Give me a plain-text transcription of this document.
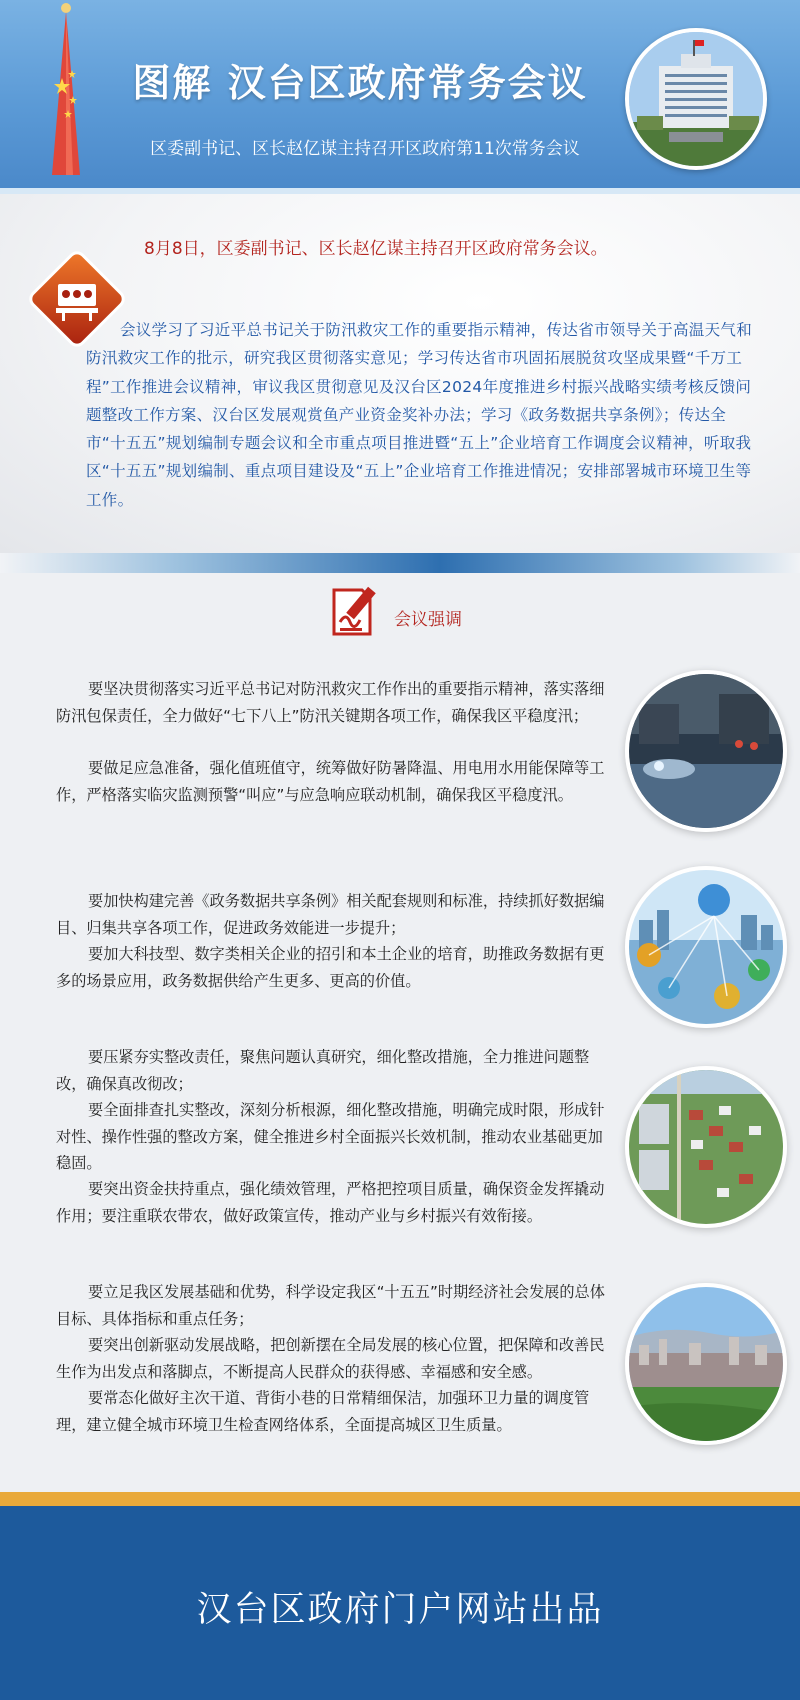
图解 汉台区政府常务会议
区委副书记、区长赵亿谋主持召开区政府第11次常务会议
8月8日，区委副书记、区长赵亿谋主持召开区政府常务会议。
会议学习了习近平总书记关于防汛救灾工作的重要指示精神，传达省市领导关于高温天气和防汛救灾工作的批示，研究我区贯彻落实意见；学习传达省市巩固拓展脱贫攻坚成果暨“千万工程”工作推进会议精神，审议我区贯彻意见及汉台区2024年度推进乡村振兴战略实绩考核反馈问题整改工作方案、汉台区发展观赏鱼产业资金奖补办法；学习《政务数据共享条例》；传达全市“十五五”规划编制专题会议和全市重点项目推进暨“五上”企业培育工作调度会议精神，听取我区“十五五”规划编制、重点项目建设及“五上”企业培育工作推进情况；安排部署城市环境卫生等工作。
会议强调

要坚决贯彻落实习近平总书记对防汛救灾工作作出的重要指示精神，落实落细防汛包保责任，全力做好“七下八上”防汛关键期各项工作，确保我区平稳度汛；

要做足应急准备，强化值班值守，统筹做好防暑降温、用电用水用能保障等工作，严格落实临灾监测预警“叫应”与应急响应联动机制，确保我区平稳度汛。

要加快构建完善《政务数据共享条例》相关配套规则和标准，持续抓好数据编目、归集共享各项工作，促进政务效能进一步提升；

要加大科技型、数字类相关企业的招引和本土企业的培育，助推政务数据有更多的场景应用，政务数据供给产生更多、更高的价值。

要压紧夯实整改责任，聚焦问题认真研究，细化整改措施，全力推进问题整改，确保真改彻改；

要全面排查扎实整改，深刻分析根源，细化整改措施，明确完成时限，形成针对性、操作性强的整改方案，健全推进乡村全面振兴长效机制，推动农业基础更加稳固。

要突出资金扶持重点，强化绩效管理，严格把控项目质量，确保资金发挥撬动作用；要注重联农带农，做好政策宣传，推动产业与乡村振兴有效衔接。

要立足我区发展基础和优势，科学设定我区“十五五”时期经济社会发展的总体目标、具体指标和重点任务；

要突出创新驱动发展战略，把创新摆在全局发展的核心位置，把保障和改善民生作为出发点和落脚点，不断提高人民群众的获得感、幸福感和安全感。

要常态化做好主次干道、背街小巷的日常精细保洁，加强环卫力量的调度管理，建立健全城市环境卫生检查网络体系，全面提高城区卫生质量。

汉台区政府门户网站出品
